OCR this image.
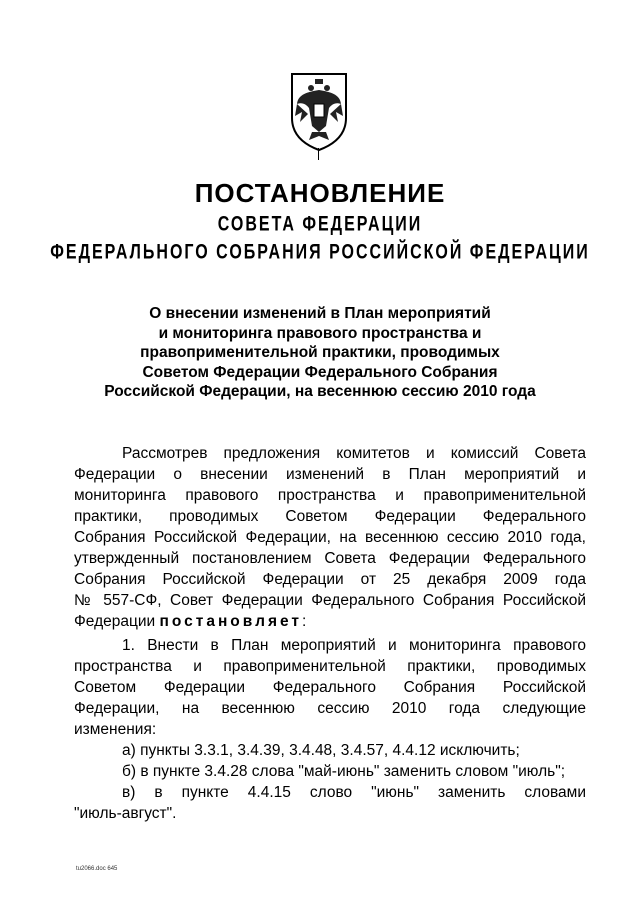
ПОСТАНОВЛЕНИЕ
СОВЕТА ФЕДЕРАЦИИ
ФЕДЕРАЛЬНОГО СОБРАНИЯ РОССИЙСКОЙ ФЕДЕРАЦИИ
О внесении изменений в План мероприятий
и мониторинга правового пространства и
правоприменительной практики, проводимых
Советом Федерации Федерального Собрания
Российской Федерации, на весеннюю сессию 2010 года
Рассмотрев предложения комитетов и комиссий Совета
Федерации о внесении изменений в План мероприятий и
мониторинга правового пространства и правоприменительной
практики, проводимых Советом Федерации Федерального
Собрания Российской Федерации, на весеннюю сессию 2010 года,
утвержденный постановлением Совета Федерации Федерального
Собрания Российской Федерации от 25 декабря 2009 года
№ 557-СФ, Совет Федерации Федерального Собрания Российской
Федерации постановляет:
1. Внести в План мероприятий и мониторинга правового
пространства и правоприменительной практики, проводимых
Советом Федерации Федерального Собрания Российской
Федерации, на весеннюю сессию 2010 года следующие
изменения:
а) пункты 3.3.1, 3.4.39, 3.4.48, 3.4.57, 4.4.12 исключить;
б) в пункте 3.4.28 слова "май-июнь" заменить словом "июль";
в) в пункте 4.4.15 слово "июнь" заменить словами
"июль-август".
tu2066.doc 645
